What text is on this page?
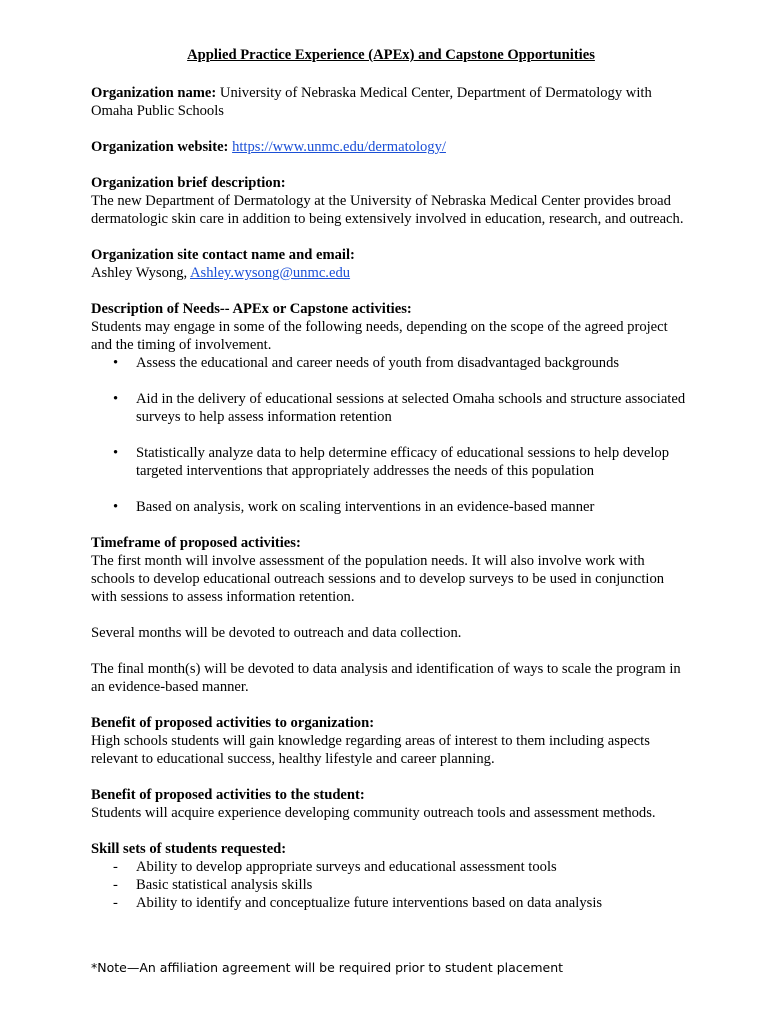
Applied Practice Experience (APEx) and Capstone Opportunities
Organization name: University of Nebraska Medical Center, Department of Dermatology with Omaha Public Schools
Organization website: https://www.unmc.edu/dermatology/
Organization brief description:
The new Department of Dermatology at the University of Nebraska Medical Center provides broad dermatologic skin care in addition to being extensively involved in education, research, and outreach.
Organization site contact name and email:
Ashley Wysong, Ashley.wysong@unmc.edu
Description of Needs-- APEx or Capstone activities:
Students may engage in some of the following needs, depending on the scope of the agreed project and the timing of involvement.
• Assess the educational and career needs of youth from disadvantaged backgrounds
• Aid in the delivery of educational sessions at selected Omaha schools and structure associated surveys to help assess information retention
• Statistically analyze data to help determine efficacy of educational sessions to help develop targeted interventions that appropriately addresses the needs of this population
• Based on analysis, work on scaling interventions in an evidence-based manner
Timeframe of proposed activities:
The first month will involve assessment of the population needs. It will also involve work with schools to develop educational outreach sessions and to develop surveys to be used in conjunction with sessions to assess information retention.
Several months will be devoted to outreach and data collection.
The final month(s) will be devoted to data analysis and identification of ways to scale the program in an evidence-based manner.
Benefit of proposed activities to organization:
High schools students will gain knowledge regarding areas of interest to them including aspects relevant to educational success, healthy lifestyle and career planning.
Benefit of proposed activities to the student:
Students will acquire experience developing community outreach tools and assessment methods.
Skill sets of students requested:
- Ability to develop appropriate surveys and educational assessment tools
- Basic statistical analysis skills
- Ability to identify and conceptualize future interventions based on data analysis
*Note—An affiliation agreement will be required prior to student placement
